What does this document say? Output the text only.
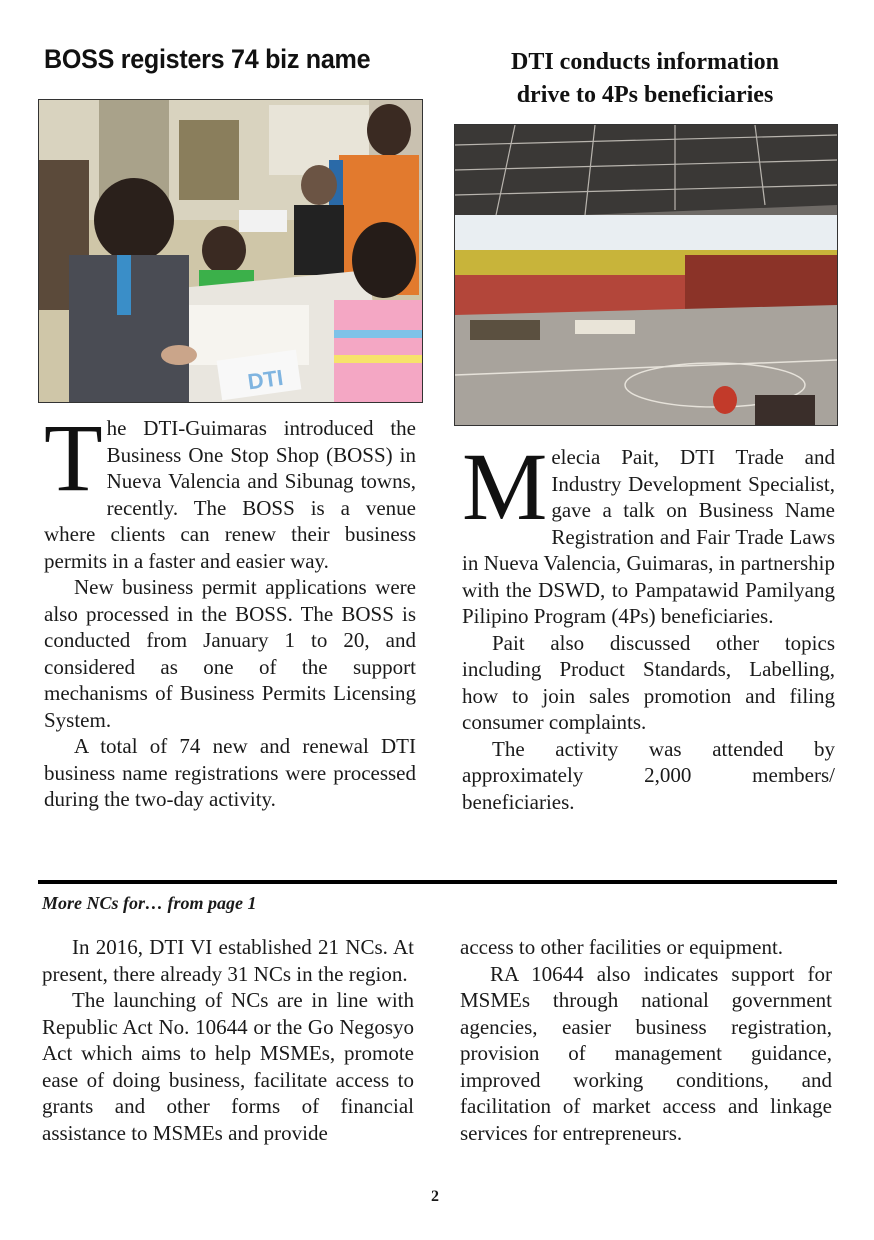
BOSS registers 74 biz name
DTI

The DTI-Guimaras introduced the Business One Stop Shop (BOSS) in Nueva Valencia and Sibunag towns, recently. The BOSS is a venue where clients can renew their business permits in a faster and easier way.

New business permit applications were also processed in the BOSS. The BOSS is conducted from January 1 to 20, and considered as one of the support mechanisms of Business Permits Licensing System.

A total of 74 new and renewal DTI business name registrations were processed during the two-day activity.

DTI conducts information
drive to 4Ps beneficiaries

Melecia Pait, DTI Trade and Industry Development Specialist, gave a talk on Business Name Registration and Fair Trade Laws in Nueva Valencia, Guimaras, in partnership with the DSWD, to Pampatawid Pamilyang Pilipino Program (4Ps) beneficiaries.

Pait also discussed other topics including Product Standards, Labelling, how to join sales promotion and filing consumer complaints.

The activity was attended by approximately 2,000 members/ beneficiaries.

More NCs for… from page 1

In 2016, DTI VI established 21 NCs. At present, there already 31 NCs in the region.

The launching of NCs are in line with Republic Act No. 10644 or the Go Negosyo Act which aims to help MSMEs, promote ease of doing business, facilitate access to grants and other forms of financial assistance to MSMEs and provide

access to other facilities or equipment.

RA 10644 also indicates support for MSMEs through national government agencies, easier business registration, provision of management guidance, improved working conditions, and facilitation of market access and linkage services for entrepreneurs.

2
